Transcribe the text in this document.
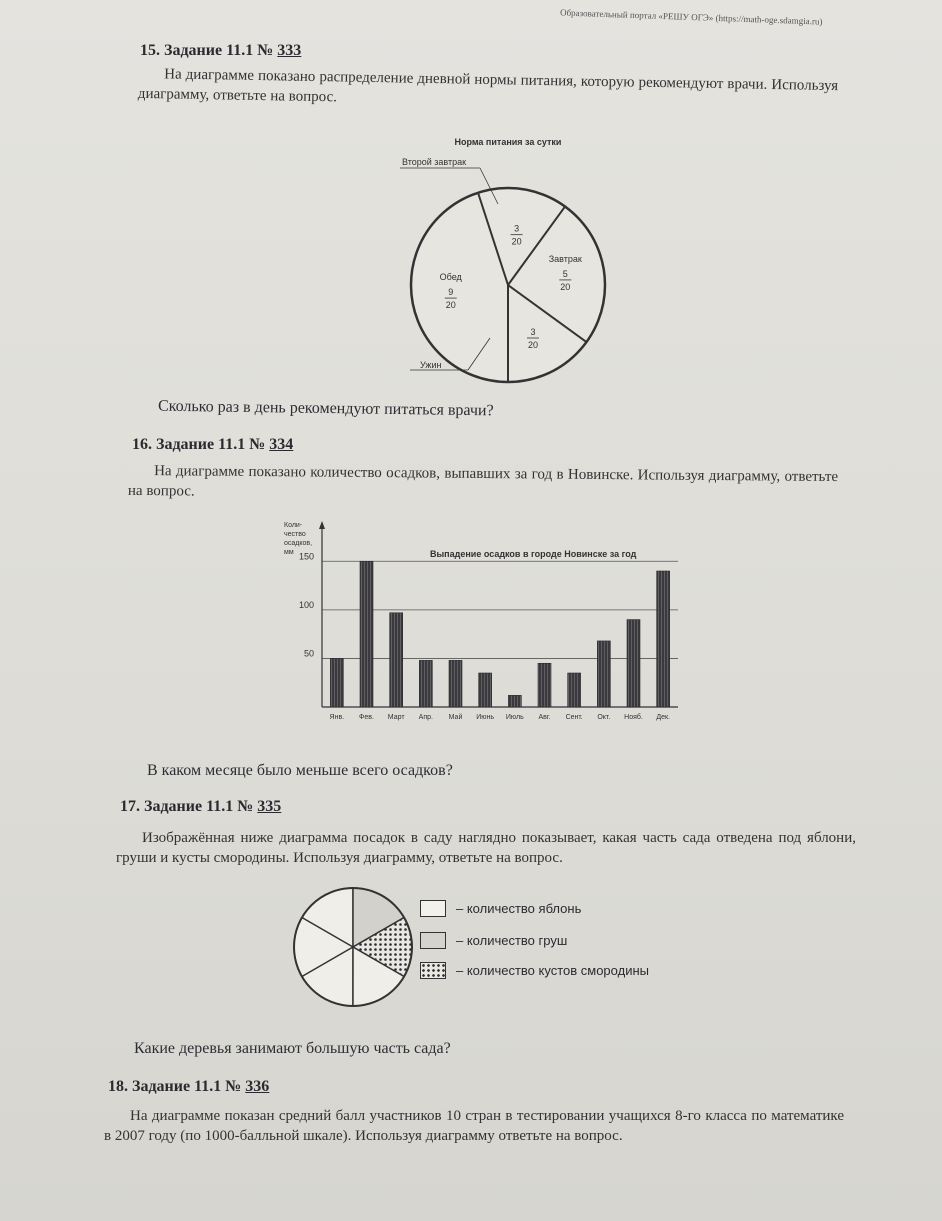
Образовательный портал «РЕШУ ОГЭ» (https://math-oge.sdamgia.ru)
15. Задание 11.1 № 333
На диаграмме показано распределение дневной нормы питания, которую рекомендуют врачи. Используя диаграмму, ответьте на вопрос.
Норма питания за сутки
Обед
9
20
3
20
Завтрак
5
20
3
20
Ужин
Второй завтрак
Сколько раз в день рекомендуют питаться врачи?
16. Задание 11.1 № 334
На диаграмме показано количество осадков, выпавших за год в Новинске. Используя диаграмму, ответьте на вопрос.
50
100
150
Коли-
чество
осадков,
мм	Выпадение осадков в городе Новинске за год
Янв. Фев. Март Апр. Май Июнь Июль Авг. Сент. Окт. Нояб. Дек.
В каком месяце было меньше всего осадков?
17. Задание 11.1 № 335
Изображённая ниже диаграмма посадок в саду наглядно показывает, какая часть сада отведена под яблони, груши и кусты смородины. Используя диаграмму, ответьте на вопрос.
– количество яблонь
– количество груш
– количество кустов смородины
Какие деревья занимают большую часть сада?
18. Задание 11.1 № 336
На диаграмме показан средний балл участников 10 стран в тестировании учащихся 8-го класса по математике в 2007 году (по 1000-балльной шкале). Используя диаграмму ответьте на вопрос.
